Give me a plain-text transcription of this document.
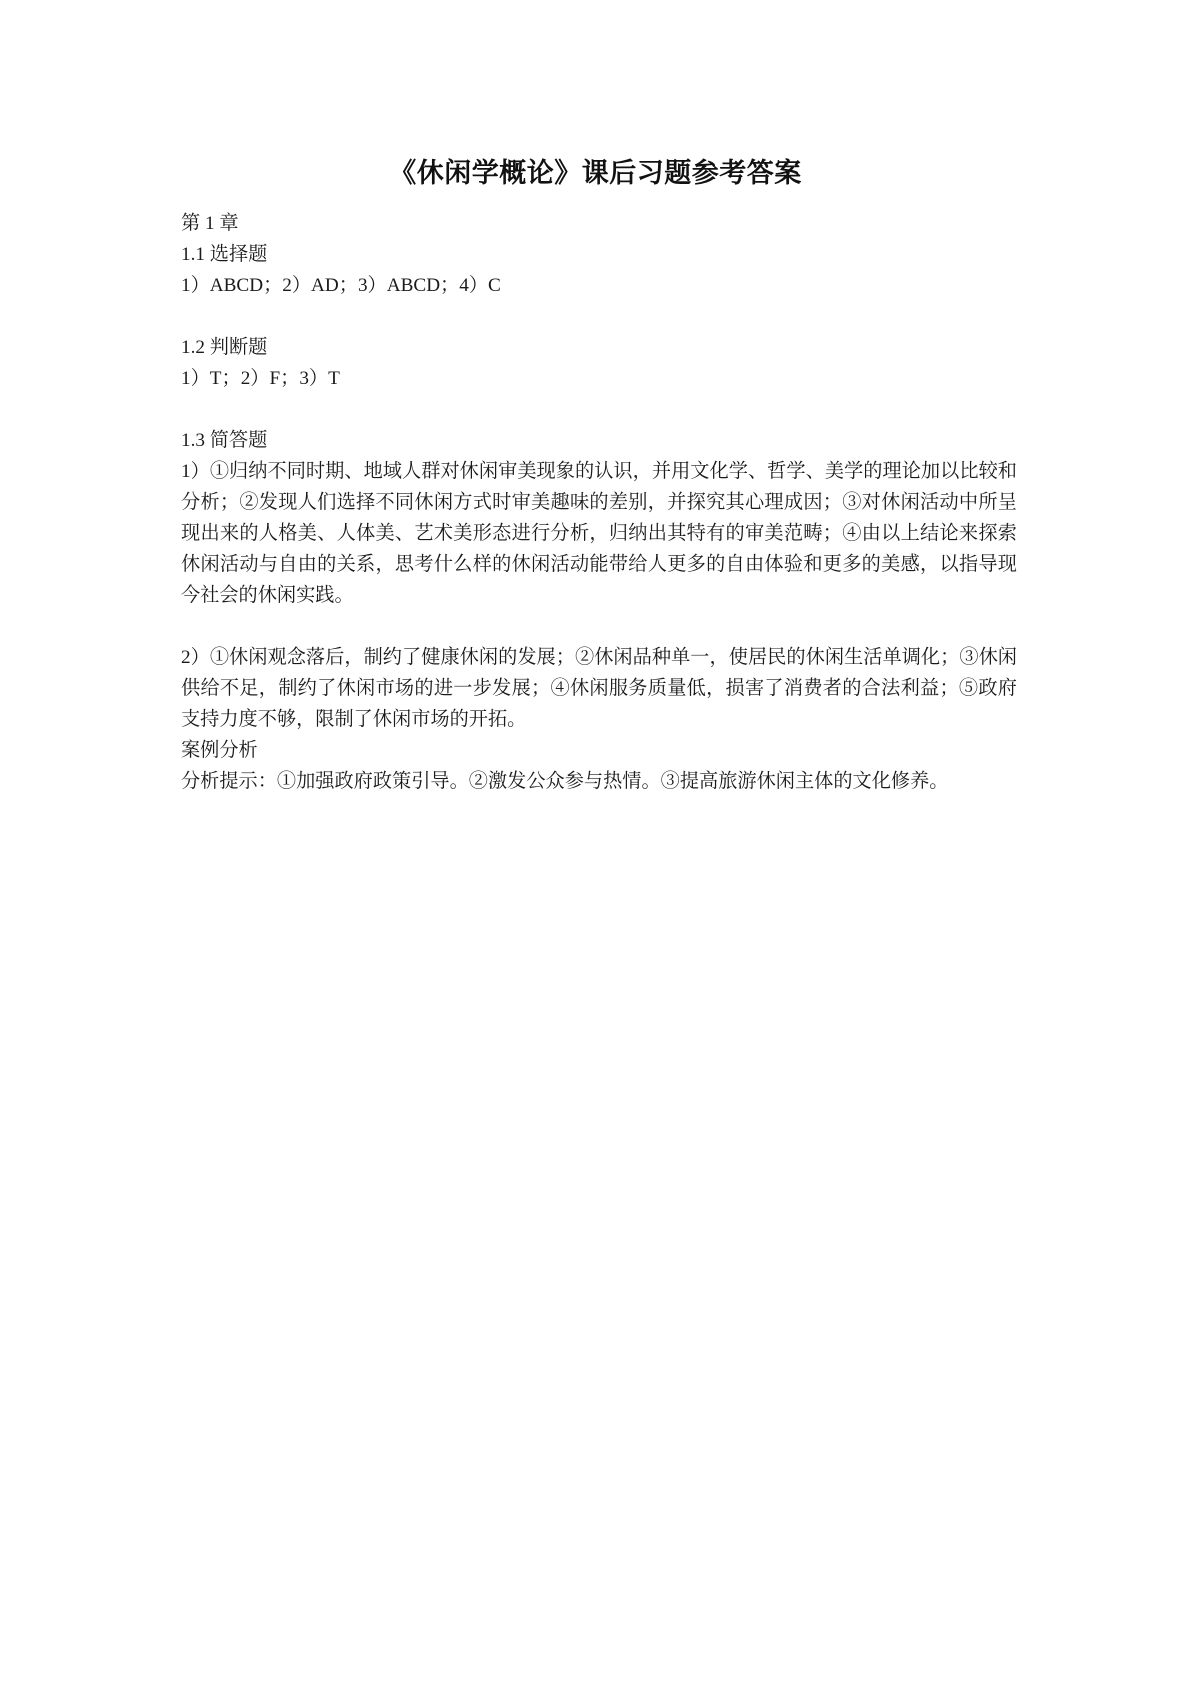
《休闲学概论》课后习题参考答案

第 1 章

1.1 选择题

1）ABCD；2）AD；3）ABCD；4）C

1.2 判断题

1）T；2）F；3）T

1.3 简答题

1）①归纳不同时期、地域人群对休闲审美现象的认识，并用文化学、哲学、美学的理论加以比较和分析；②发现人们选择不同休闲方式时审美趣味的差别，并探究其心理成因；③对休闲活动中所呈现出来的人格美、人体美、艺术美形态进行分析，归纳出其特有的审美范畴；④由以上结论来探索休闲活动与自由的关系，思考什么样的休闲活动能带给人更多的自由体验和更多的美感，以指导现今社会的休闲实践。

2）①休闲观念落后，制约了健康休闲的发展；②休闲品种单一，使居民的休闲生活单调化；③休闲供给不足，制约了休闲市场的进一步发展；④休闲服务质量低，损害了消费者的合法利益；⑤政府支持力度不够，限制了休闲市场的开拓。

案例分析

分析提示：①加强政府政策引导。②激发公众参与热情。③提高旅游休闲主体的文化修养。
